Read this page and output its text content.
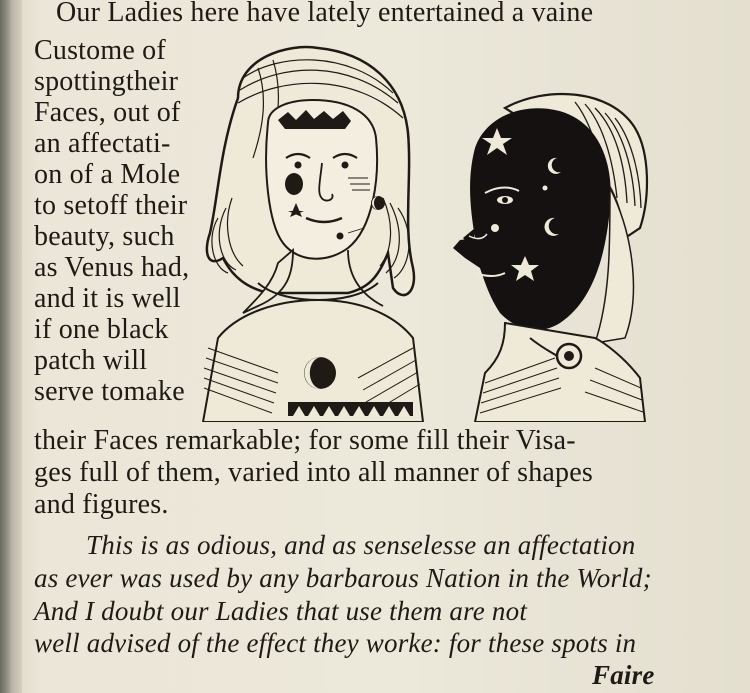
Our Ladies here have lately entertained a vaine
Custome of
spottingtheir
Faces, out of
an affectati-
on of a Mole
to setoff their
beauty, such
as Venus had,
and it is well
if one black
patch will
serve tomake
their Faces remarkable; for some fill their Visa-
ges full of them, varied into all manner of shapes
and figures.
This is as odious, and as senselesse an affectation
as ever was used by any barbarous Nation in the World;
And I doubt our Ladies that use them are not
well advised of the effect they worke: for these spots in
Faire
